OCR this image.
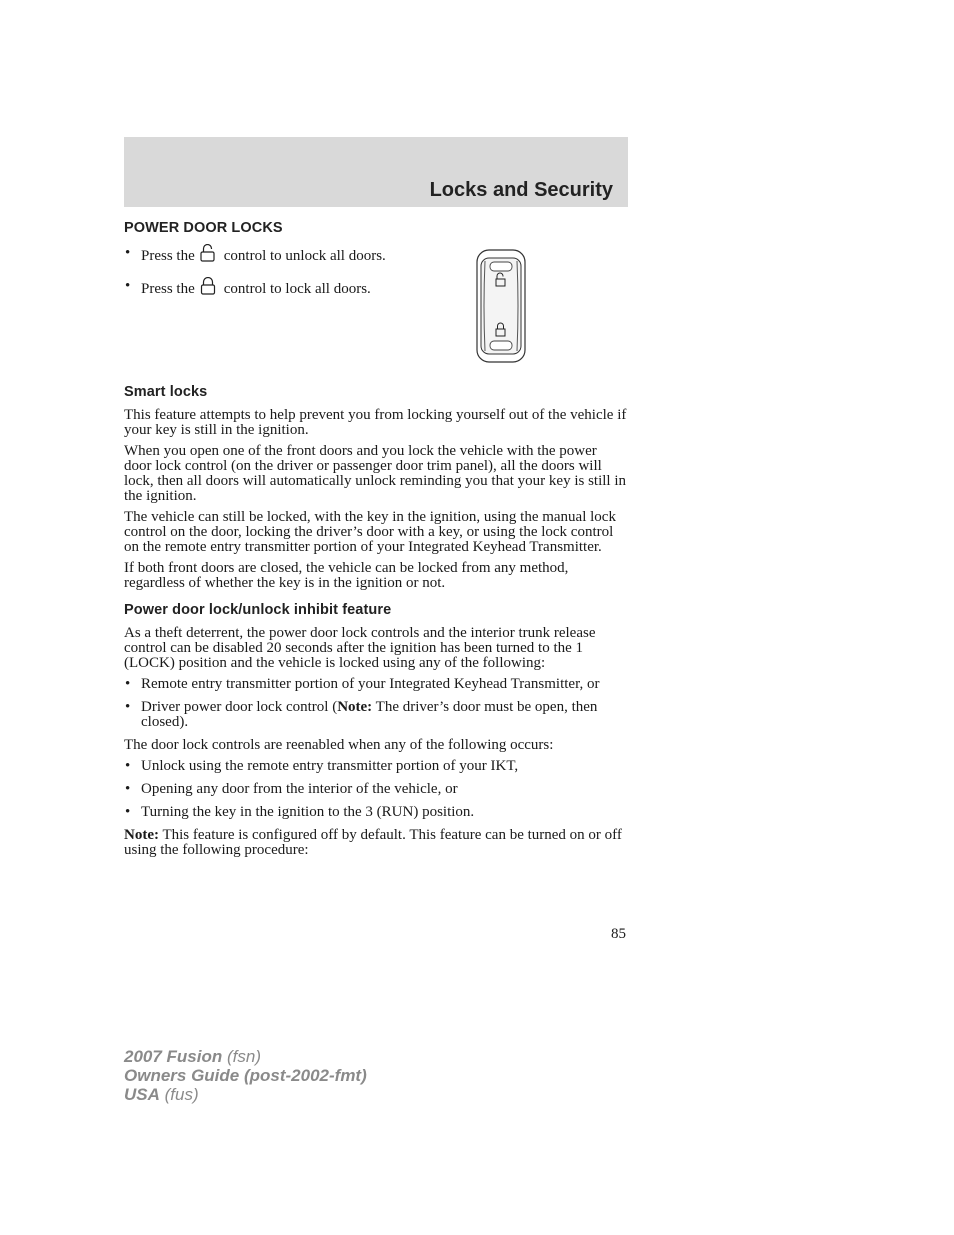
Locks and Security
POWER DOOR LOCKS
• Press the control to unlock all doors.
• Press the control to lock all doors.
Smart locks

This feature attempts to help prevent you from locking yourself out of the vehicle if your key is still in the ignition.

When you open one of the front doors and you lock the vehicle with the power door lock control (on the driver or passenger door trim panel), all the doors will lock, then all doors will automatically unlock reminding you that your key is still in the ignition.

The vehicle can still be locked, with the key in the ignition, using the manual lock control on the door, locking the driver’s door with a key, or using the lock control on the remote entry transmitter portion of your Integrated Keyhead Transmitter.

If both front doors are closed, the vehicle can be locked from any method, regardless of whether the key is in the ignition or not.

Power door lock/unlock inhibit feature

As a theft deterrent, the power door lock controls and the interior trunk release control can be disabled 20 seconds after the ignition has been turned to the 1 (LOCK) position and the vehicle is locked using any of the following:

• Remote entry transmitter portion of your Integrated Keyhead Transmitter, or
• Driver power door lock control (Note: The driver’s door must be open, then closed).

The door lock controls are reenabled when any of the following occurs:

• Unlock using the remote entry transmitter portion of your IKT,
• Opening any door from the interior of the vehicle, or
• Turning the key in the ignition to the 3 (RUN) position.

Note: This feature is configured off by default. This feature can be turned on or off using the following procedure:

85
2007 Fusion (fsn)
Owners Guide (post-2002-fmt)
USA (fus)
